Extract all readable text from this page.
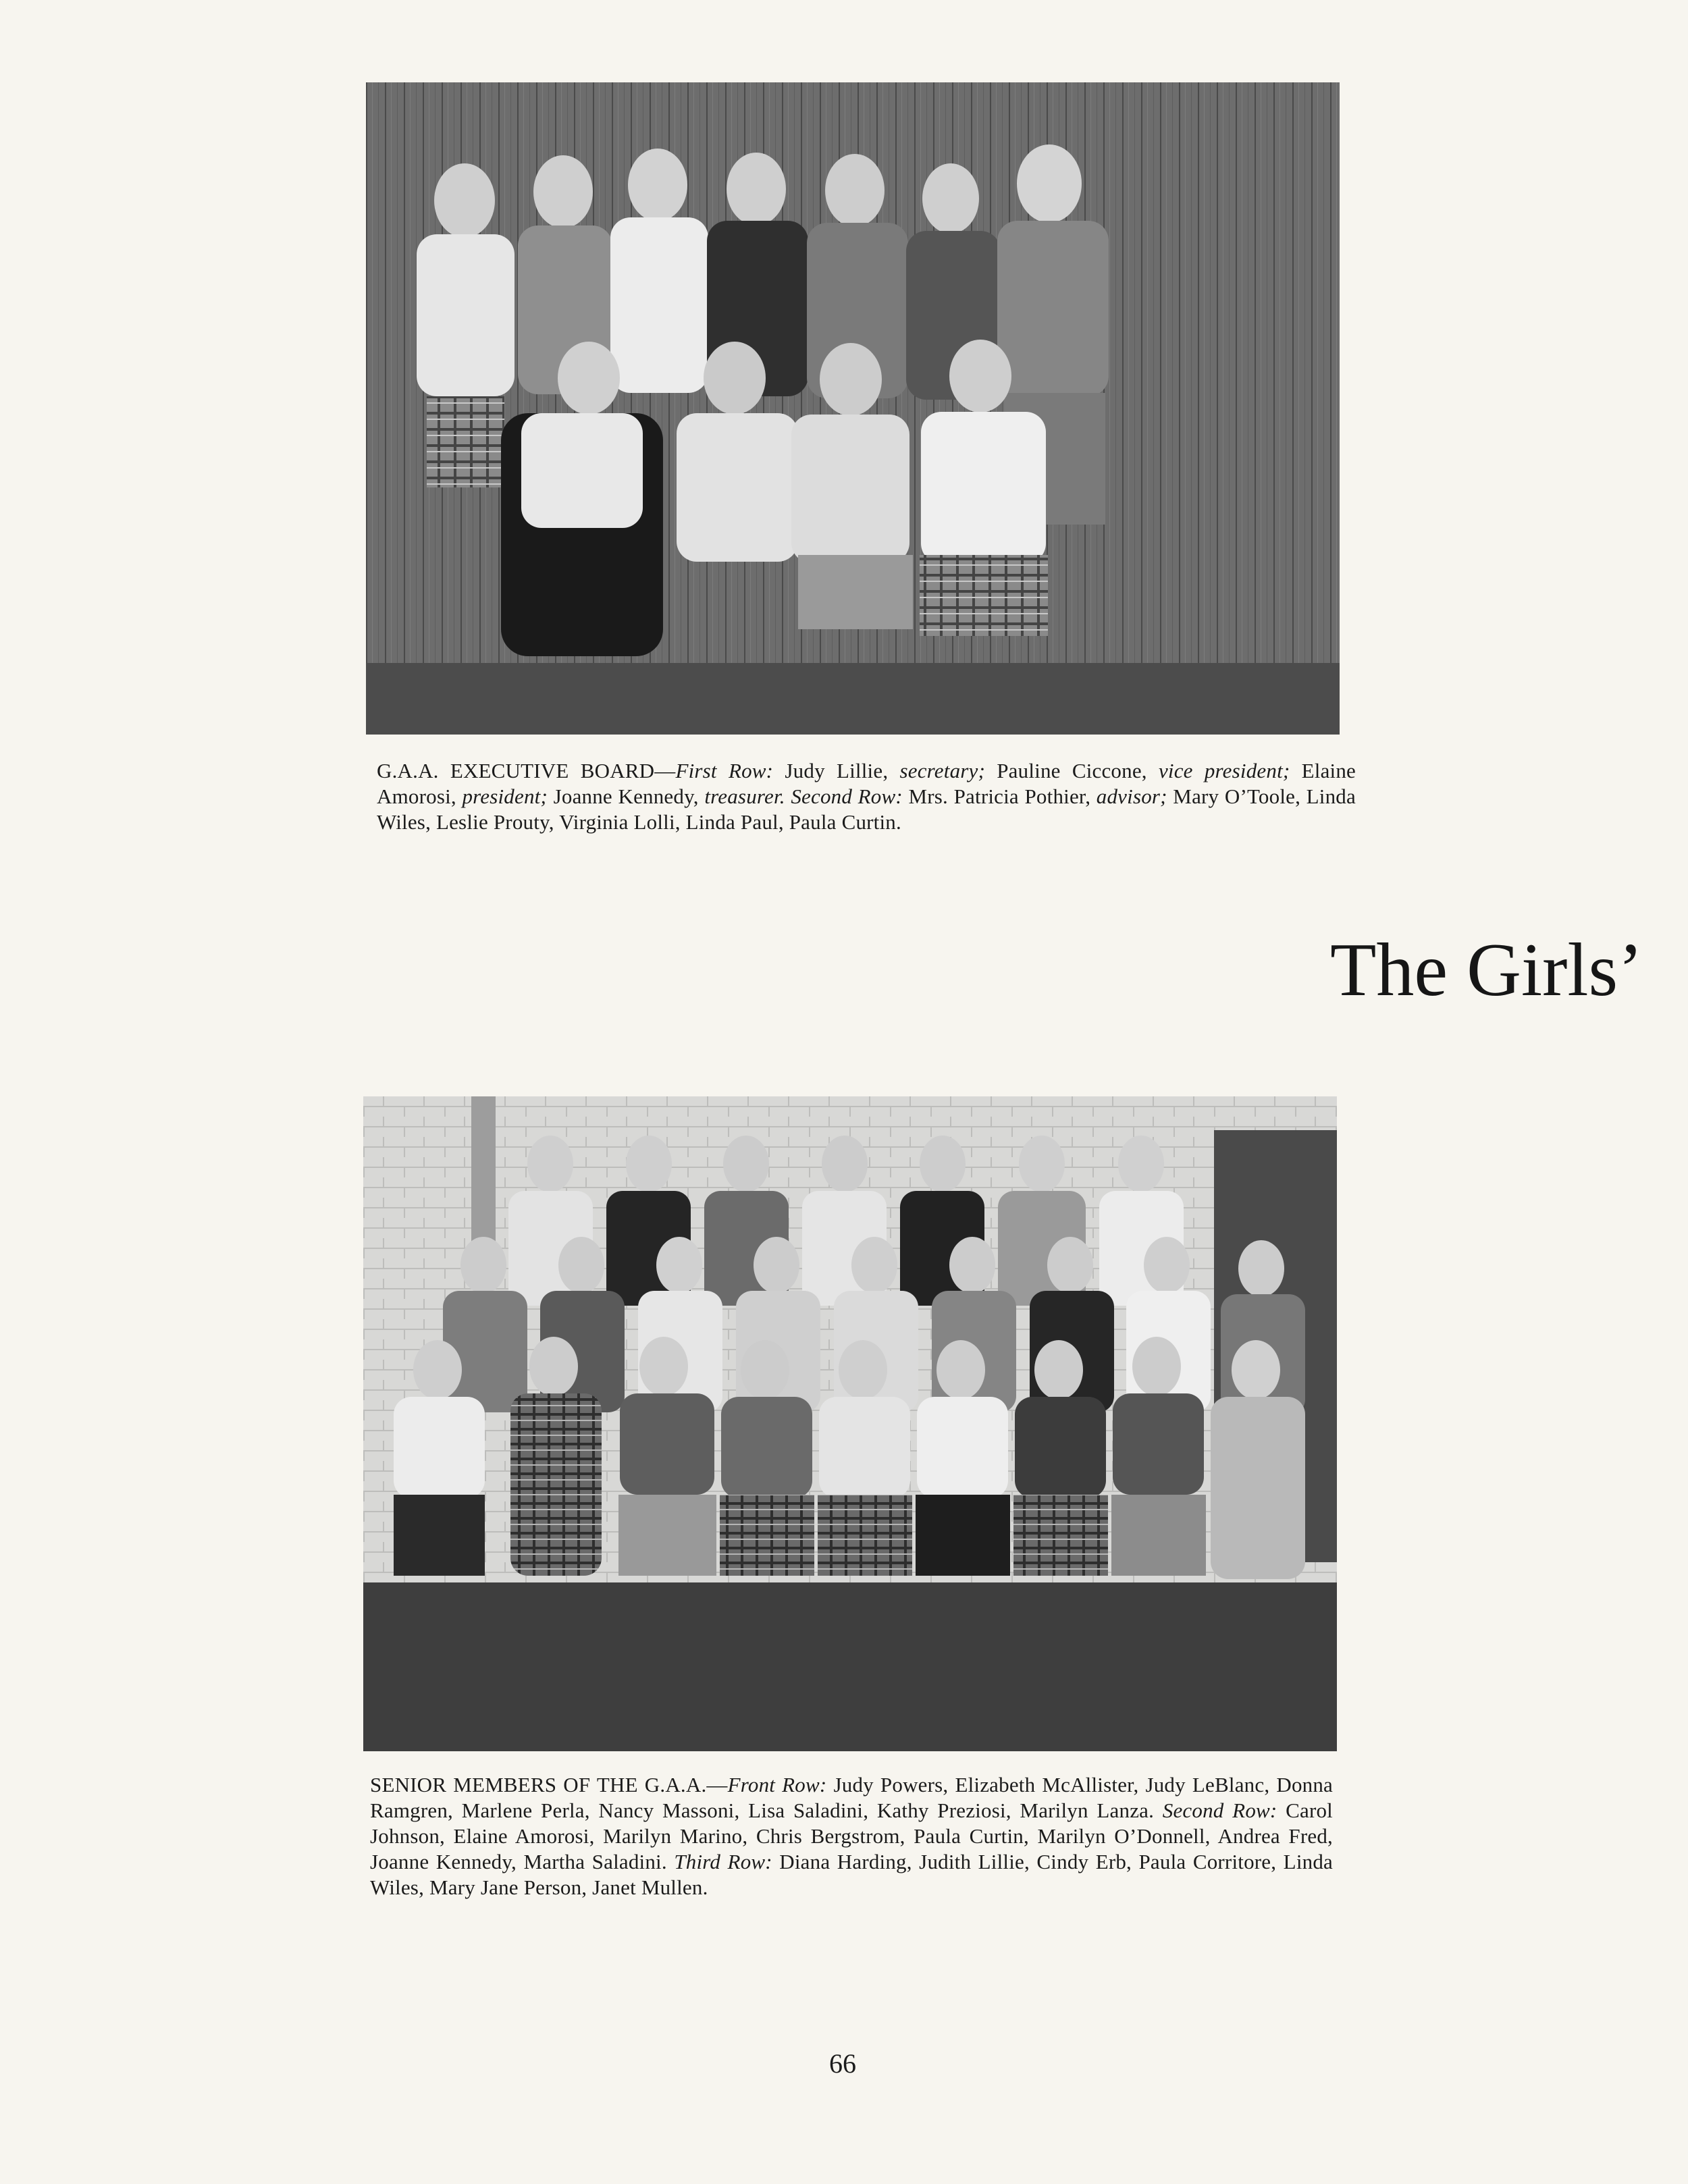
G.A.A. EXECUTIVE BOARD—First Row: Judy Lillie, secretary; Pauline Ciccone, vice president; Elaine Amorosi, president; Joanne Kennedy, treasurer. Second Row: Mrs. Patricia Pothier, advisor; Mary O’Toole, Linda Wiles, Leslie Prouty, Virginia Lolli, Linda Paul, Paula Curtin.
The Girls’
SENIOR MEMBERS OF THE G.A.A.—Front Row: Judy Powers, Elizabeth McAllister, Judy LeBlanc, Donna Ramgren, Marlene Perla, Nancy Massoni, Lisa Saladini, Kathy Preziosi, Marilyn Lanza. Second Row: Carol Johnson, Elaine Amorosi, Marilyn Marino, Chris Bergstrom, Paula Curtin, Marilyn O’Donnell, Andrea Fred, Joanne Kennedy, Martha Saladini. Third Row: Diana Harding, Judith Lillie, Cindy Erb, Paula Corritore, Linda Wiles, Mary Jane Person, Janet Mullen.
66
